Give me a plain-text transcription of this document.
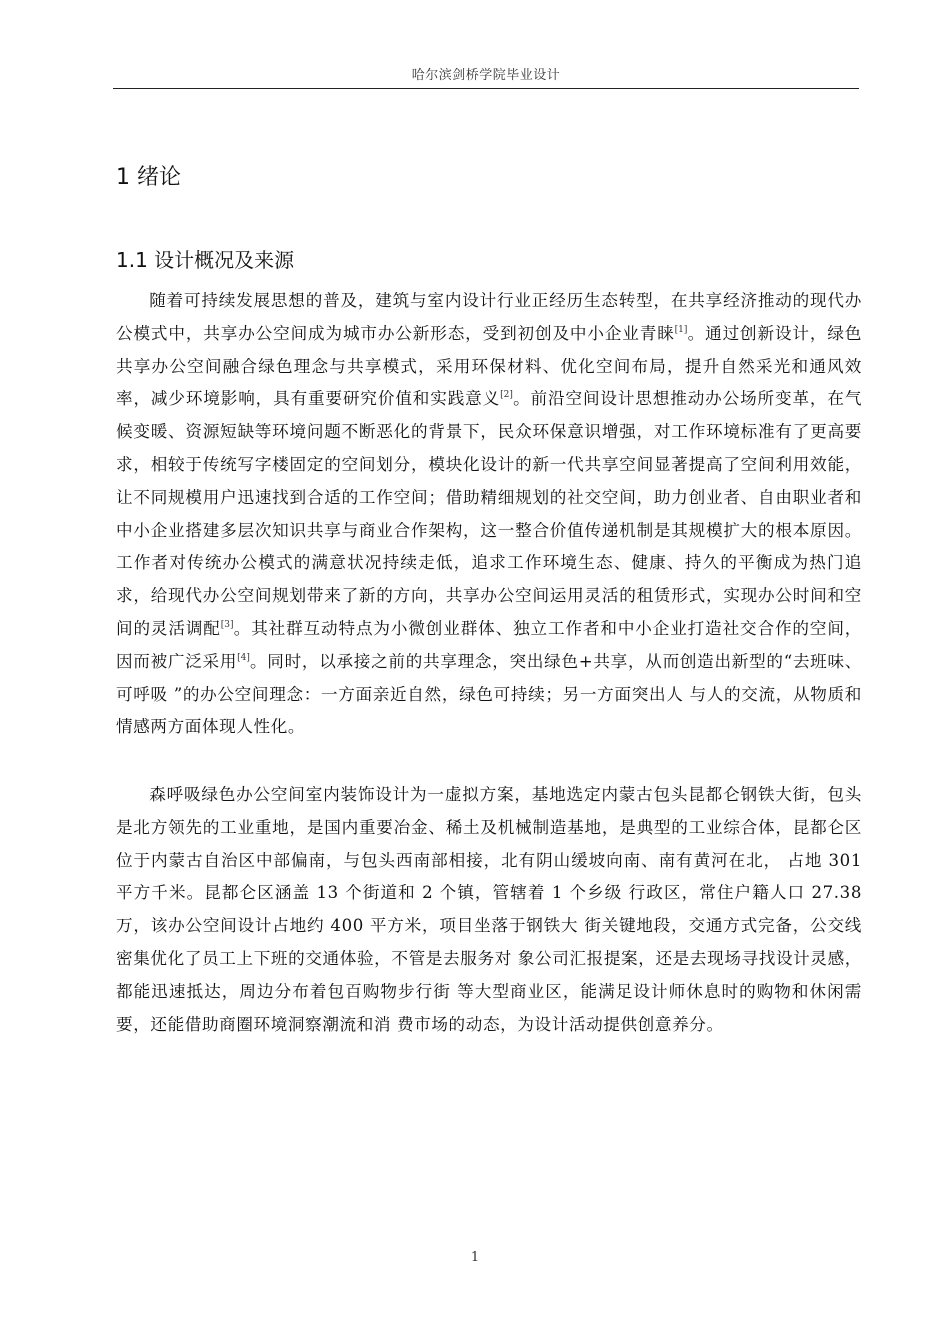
哈尔滨剑桥学院毕业设计
1 绪论
1.1 设计概况及来源

随着可持续发展思想的普及，建筑与室内设计行业正经历生态转型，在共享经济推动的现代办公模式中，共享办公空间成为城市办公新形态，受到初创及中小企业青睐[1]。通过创新设计，绿色共享办公空间融合绿色理念与共享模式，采用环保材料、优化空间布局，提升自然采光和通风效率，减少环境影响，具有重要研究价值和实践意义[2]。前沿空间设计思想推动办公场所变革，在气候变暖、资源短缺等环境问题不断恶化的背景下，民众环保意识增强，对工作环境标准有了更高要求，相较于传统写字楼固定的空间划分，模块化设计的新一代共享空间显著提高了空间利用效能，让不同规模用户迅速找到合适的工作空间；借助精细规划的社交空间，助力创业者、自由职业者和中小企业搭建多层次知识共享与商业合作架构，这一整合价值传递机制是其规模扩大的根本原因。工作者对传统办公模式的满意状况持续走低，追求工作环境生态、健康、持久的平衡成为热门追求，给现代办公空间规划带来了新的方向，共享办公空间运用灵活的租赁形式，实现办公时间和空间的灵活调配[3]。其社群互动特点为小微创业群体、独立工作者和中小企业打造社交合作的空间，因而被广泛采用[4]。同时，以承接之前的共享理念，突出绿色+共享，从而创造出新型的“去班味、可呼吸 ”的办公空间理念：一方面亲近自然，绿色可持续；另一方面突出人 与人的交流，从物质和情感两方面体现人性化。

森呼吸绿色办公空间室内装饰设计为一虚拟方案，基地选定内蒙古包头昆都仑钢铁大街，包头是北方领先的工业重地，是国内重要冶金、稀土及机械制造基地，是典型的工业综合体，昆都仑区位于内蒙古自治区中部偏南，与包头西南部相接，北有阴山缓坡向南、南有黄河在北， 占地 301 平方千米。昆都仑区涵盖 13 个街道和 2 个镇，管辖着 1 个乡级 行政区，常住户籍人口 27.38 万，该办公空间设计占地约 400 平方米，项目坐落于钢铁大 街关键地段，交通方式完备，公交线密集优化了员工上下班的交通体验，不管是去服务对 象公司汇报提案，还是去现场寻找设计灵感，都能迅速抵达，周边分布着包百购物步行街 等大型商业区，能满足设计师休息时的购物和休闲需要，还能借助商圈环境洞察潮流和消 费市场的动态，为设计活动提供创意养分。

1
